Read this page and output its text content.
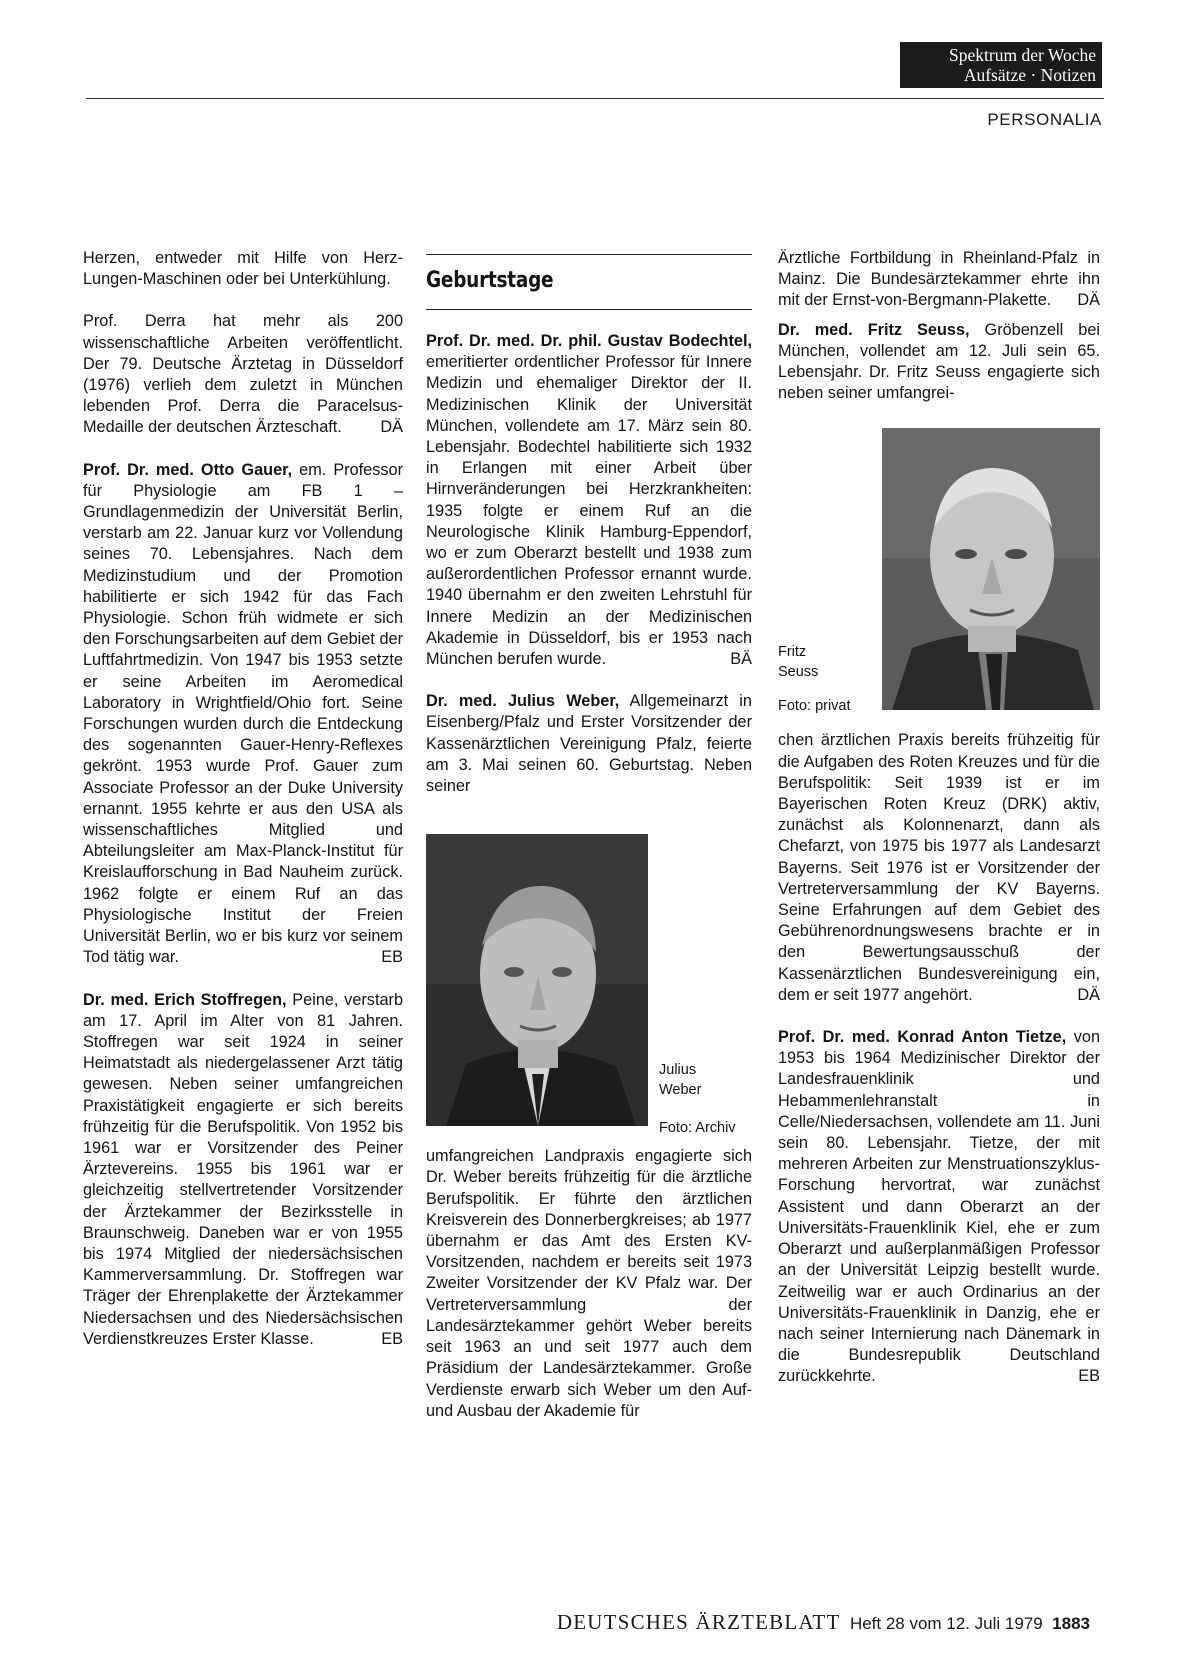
Spektrum der Woche
Aufsätze · Notizen
PERSONALIA

Herzen, entweder mit Hilfe von Herz-Lungen-Maschinen oder bei Unterkühlung.

Prof. Derra hat mehr als 200 wissenschaftliche Arbeiten veröffentlicht. Der 79. Deutsche Ärztetag in Düsseldorf (1976) verlieh dem zuletzt in München lebenden Prof. Derra die Paracelsus-Medaille der deutschen Ärzteschaft. DÄ

Prof. Dr. med. Otto Gauer, em. Professor für Physiologie am FB 1 – Grundlagenmedizin der Universität Berlin, verstarb am 22. Januar kurz vor Vollendung seines 70. Lebensjahres. Nach dem Medizinstudium und der Promotion habilitierte er sich 1942 für das Fach Physiologie. Schon früh widmete er sich den Forschungsarbeiten auf dem Gebiet der Luftfahrtmedizin. Von 1947 bis 1953 setzte er seine Arbeiten im Aeromedical Laboratory in Wrightfield/Ohio fort. Seine Forschungen wurden durch die Entdeckung des sogenannten Gauer-Henry-Reflexes gekrönt. 1953 wurde Prof. Gauer zum Associate Professor an der Duke University ernannt. 1955 kehrte er aus den USA als wissenschaftliches Mitglied und Abteilungsleiter am Max-Planck-Institut für Kreislaufforschung in Bad Nauheim zurück. 1962 folgte er einem Ruf an das Physiologische Institut der Freien Universität Berlin, wo er bis kurz vor seinem Tod tätig war.	EB

Dr. med. Erich Stoffregen, Peine, verstarb am 17. April im Alter von 81 Jahren. Stoffregen war seit 1924 in seiner Heimatstadt als niedergelassener Arzt tätig gewesen. Neben seiner umfangreichen Praxistätigkeit engagierte er sich bereits frühzeitig für die Berufspolitik. Von 1952 bis 1961 war er Vorsitzender des Peiner Ärztevereins. 1955 bis 1961 war er gleichzeitig stellvertretender Vorsitzender der Ärztekammer der Bezirksstelle in Braunschweig. Daneben war er von 1955 bis 1974 Mitglied der niedersächsischen Kammerversammlung. Dr. Stoffregen war Träger der Ehrenplakette der Ärztekammer Niedersachsen und des Niedersächsischen Verdienstkreuzes Erster Klasse.	EB

Geburtstage

Prof. Dr. med. Dr. phil. Gustav Bodechtel, emeritierter ordentlicher Professor für Innere Medizin und ehemaliger Direktor der II. Medizinischen Klinik der Universität München, vollendete am 17. März sein 80. Lebensjahr. Bodechtel habilitierte sich 1932 in Erlangen mit einer Arbeit über Hirnveränderungen bei Herzkrankheiten: 1935 folgte er einem Ruf an die Neurologische Klinik Hamburg-Eppendorf, wo er zum Oberarzt bestellt und 1938 zum außerordentlichen Professor ernannt wurde. 1940 übernahm er den zweiten Lehrstuhl für Innere Medizin an der Medizinischen Akademie in Düsseldorf, bis er 1953 nach München berufen wurde.	BÄ

Dr. med. Julius Weber, Allgemeinarzt in Eisenberg/Pfalz und Erster Vorsitzender der Kassenärztlichen Vereinigung Pfalz, feierte am 3. Mai seinen 60. Geburtstag. Neben seiner

Julius
Weber
Foto: Archiv

umfangreichen Landpraxis engagierte sich Dr. Weber bereits frühzeitig für die ärztliche Berufspolitik. Er führte den ärztlichen Kreisverein des Donnerbergkreises; ab 1977 übernahm er das Amt des Ersten KV-Vorsitzenden, nachdem er bereits seit 1973 Zweiter Vorsitzender der KV Pfalz war. Der Vertreterversammlung der Landesärztekammer gehört Weber bereits seit 1963 an und seit 1977 auch dem Präsidium der Landesärztekammer. Große Verdienste erwarb sich Weber um den Auf- und Ausbau der Akademie für

Ärztliche Fortbildung in Rheinland-Pfalz in Mainz. Die Bundesärztekammer ehrte ihn mit der Ernst-von-Bergmann-Plakette. DÄ

Dr. med. Fritz Seuss, Gröbenzell bei München, vollendet am 12. Juli sein 65. Lebensjahr. Dr. Fritz Seuss engagierte sich neben seiner umfangrei-

Fritz
Seuss
Foto: privat

chen ärztlichen Praxis bereits frühzeitig für die Aufgaben des Roten Kreuzes und für die Berufspolitik: Seit 1939 ist er im Bayerischen Roten Kreuz (DRK) aktiv, zunächst als Kolonnenarzt, dann als Chefarzt, von 1975 bis 1977 als Landesarzt Bayerns. Seit 1976 ist er Vorsitzender der Vertreterversammlung der KV Bayerns. Seine Erfahrungen auf dem Gebiet des Gebührenordnungswesens brachte er in den Bewertungsausschuß der Kassenärztlichen Bundesvereinigung ein, dem er seit 1977 angehört.	DÄ

Prof. Dr. med. Konrad Anton Tietze, von 1953 bis 1964 Medizinischer Direktor der Landesfrauenklinik und Hebammenlehranstalt in Celle/Niedersachsen, vollendete am 11. Juni sein 80. Lebensjahr. Tietze, der mit mehreren Arbeiten zur Menstruationszyklus-Forschung hervortrat, war zunächst Assistent und dann Oberarzt an der Universitäts-Frauenklinik Kiel, ehe er zum Oberarzt und außerplanmäßigen Professor an der Universität Leipzig bestellt wurde. Zeitweilig war er auch Ordinarius an der Universitäts-Frauenklinik in Danzig, ehe er nach seiner Internierung nach Dänemark in die Bundesrepublik Deutschland zurückkehrte.	EB

DEUTSCHES ÄRZTEBLATT Heft 28 vom 12. Juli 1979 1883
